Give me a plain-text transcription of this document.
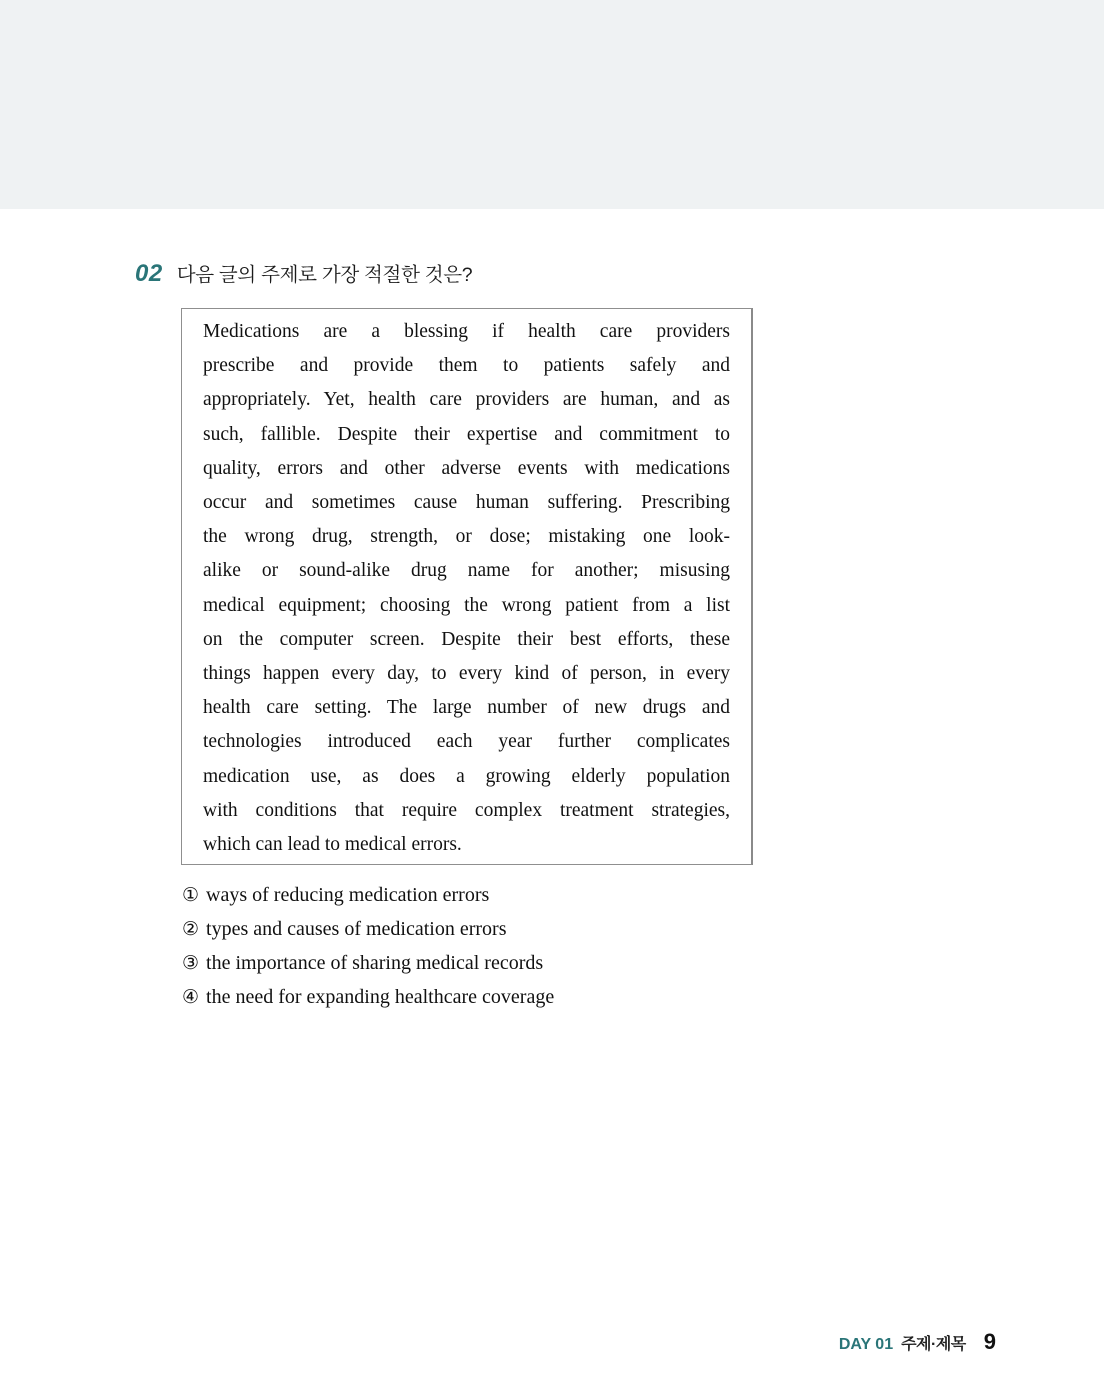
02 다음 글의 주제로 가장 적절한 것은?
Medications are a blessing if health care providers
prescribe and provide them to patients safely and
appropriately. Yet, health care providers are human, and as
such, fallible. Despite their expertise and commitment to
quality, errors and other adverse events with medications
occur and sometimes cause human suffering. Prescribing
the wrong drug, strength, or dose; mistaking one look-
alike or sound-alike drug name for another; misusing
medical equipment; choosing the wrong patient from a list
on the computer screen. Despite their best efforts, these
things happen every day, to every kind of person, in every
health care setting. The large number of new drugs and
technologies introduced each year further complicates
medication use, as does a growing elderly population
with conditions that require complex treatment strategies,
which can lead to medical errors.
① ways of reducing medication errors
② types and causes of medication errors
③ the importance of sharing medical records
④ the need for expanding healthcare coverage
DAY 01 주제·제목 9
